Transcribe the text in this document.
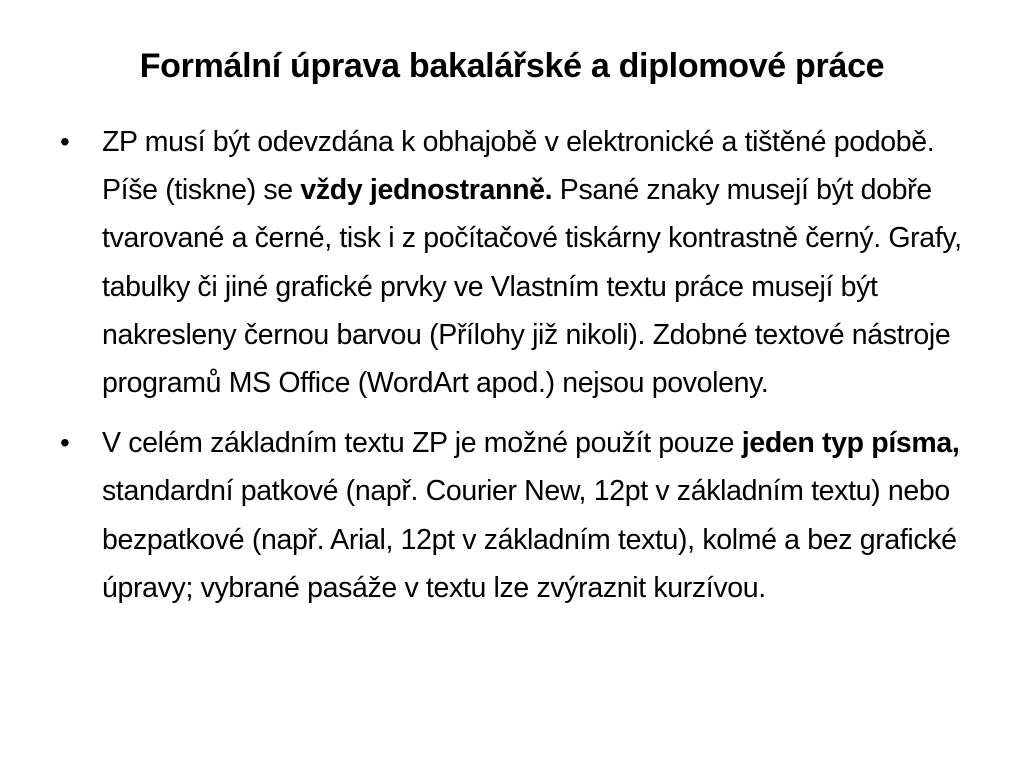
Formální úprava bakalářské a diplomové práce
•	ZP musí být odevzdána k obhajobě v elektronické a tištěné podobě. Píše (tiskne) se vždy jednostranně. Psané znaky musejí být dobře tvarované a černé, tisk i z počítačové tiskárny kontrastně černý. Grafy, tabulky či jiné grafické prvky ve Vlastním textu práce musejí být nakresleny černou barvou (Přílohy již nikoli). Zdobné textové nástroje programů MS Office (WordArt apod.) nejsou povoleny.
•	V celém základním textu ZP je možné použít pouze jeden typ písma, standardní patkové (např. Courier New, 12pt v základním textu) nebo bezpatkové (např. Arial, 12pt v základním textu), kolmé a bez grafické úpravy; vybrané pasáže v textu lze zvýraznit kurzívou.
